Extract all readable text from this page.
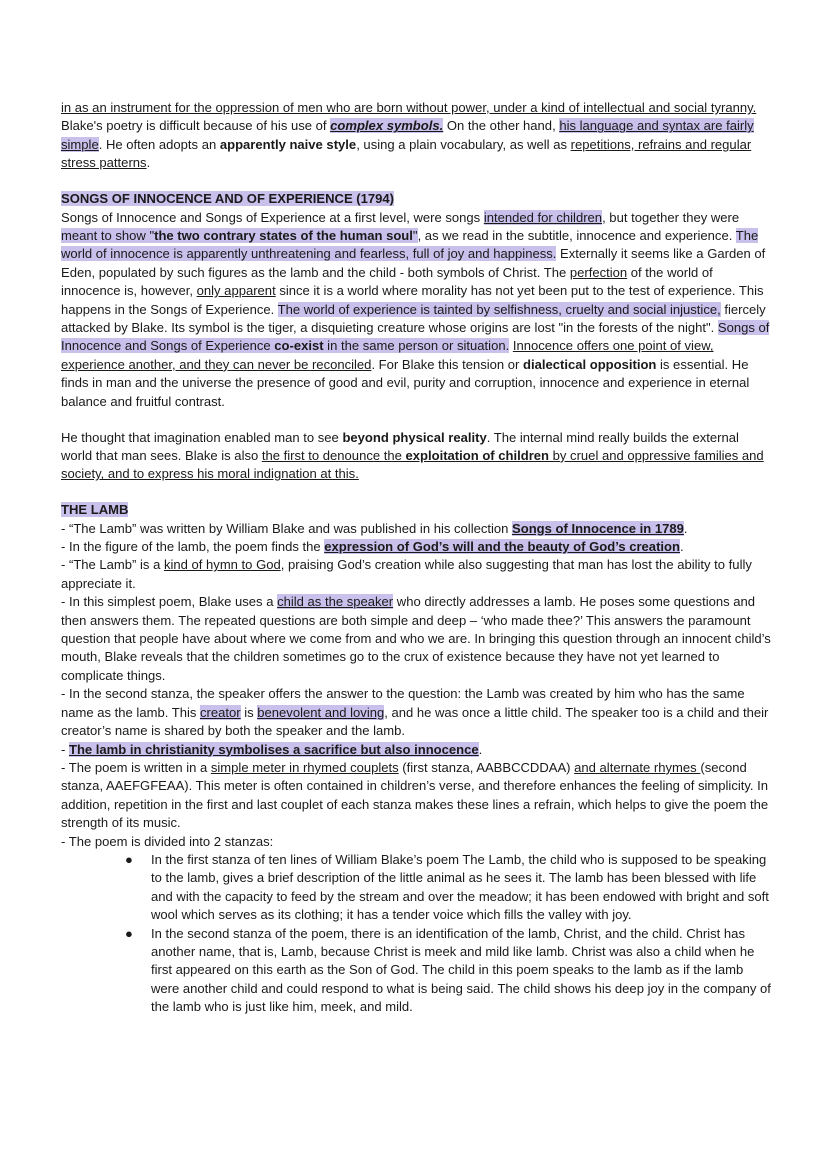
in as an instrument for the oppression of men who are born without power, under a kind of intellectual and social tyranny. Blake's poetry is difficult because of his use of complex symbols. On the other hand, his language and syntax are fairly simple. He often adopts an apparently naive style, using a plain vocabulary, as well as repetitions, refrains and regular stress patterns.

SONGS OF INNOCENCE AND OF EXPERIENCE (1794)
Songs of Innocence and Songs of Experience at a first level, were songs intended for children, but together they were meant to show "the two contrary states of the human soul", as we read in the subtitle, innocence and experience. The world of innocence is apparently unthreatening and fearless, full of joy and happiness. Externally it seems like a Garden of Eden, populated by such figures as the lamb and the child - both symbols of Christ. The perfection of the world of innocence is, however, only apparent since it is a world where morality has not yet been put to the test of experience. This happens in the Songs of Experience. The world of experience is tainted by selfishness, cruelty and social injustice, fiercely attacked by Blake. Its symbol is the tiger, a disquieting creature whose origins are lost "in the forests of the night". Songs of Innocence and Songs of Experience co-exist in the same person or situation. Innocence offers one point of view, experience another, and they can never be reconciled. For Blake this tension or dialectical opposition is essential. He finds in man and the universe the presence of good and evil, purity and corruption, innocence and experience in eternal balance and fruitful contrast.

He thought that imagination enabled man to see beyond physical reality. The internal mind really builds the external world that man sees. Blake is also the first to denounce the exploitation of children by cruel and oppressive families and society, and to express his moral indignation at this.

THE LAMB
- “The Lamb” was written by William Blake and was published in his collection Songs of Innocence in 1789.
- In the figure of the lamb, the poem finds the expression of God’s will and the beauty of God’s creation.
- “The Lamb” is a kind of hymn to God, praising God’s creation while also suggesting that man has lost the ability to fully appreciate it.
- In this simplest poem, Blake uses a child as the speaker who directly addresses a lamb. He poses some questions and then answers them. The repeated questions are both simple and deep – ‘who made thee?’ This answers the paramount question that people have about where we come from and who we are. In bringing this question through an innocent child’s mouth, Blake reveals that the children sometimes go to the crux of existence because they have not yet learned to complicate things.
- In the second stanza, the speaker offers the answer to the question: the Lamb was created by him who has the same name as the lamb. This creator is benevolent and loving, and he was once a little child. The speaker too is a child and their creator’s name is shared by both the speaker and the lamb.
- The lamb in christianity symbolises a sacrifice but also innocence.
- The poem is written in a simple meter in rhymed couplets (first stanza, AABBCCDDAA) and alternate rhymes (second stanza, AAEFGFEAA). This meter is often contained in children’s verse, and therefore enhances the feeling of simplicity. In addition, repetition in the first and last couplet of each stanza makes these lines a refrain, which helps to give the poem the strength of its music.
- The poem is divided into 2 stanzas:
● In the first stanza of ten lines of William Blake’s poem The Lamb, the child who is supposed to be speaking to the lamb, gives a brief description of the little animal as he sees it. The lamb has been blessed with life and with the capacity to feed by the stream and over the meadow; it has been endowed with bright and soft wool which serves as its clothing; it has a tender voice which fills the valley with joy.
● In the second stanza of the poem, there is an identification of the lamb, Christ, and the child. Christ has another name, that is, Lamb, because Christ is meek and mild like lamb. Christ was also a child when he first appeared on this earth as the Son of God. The child in this poem speaks to the lamb as if the lamb were another child and could respond to what is being said. The child shows his deep joy in the company of the lamb who is just like him, meek, and mild.
